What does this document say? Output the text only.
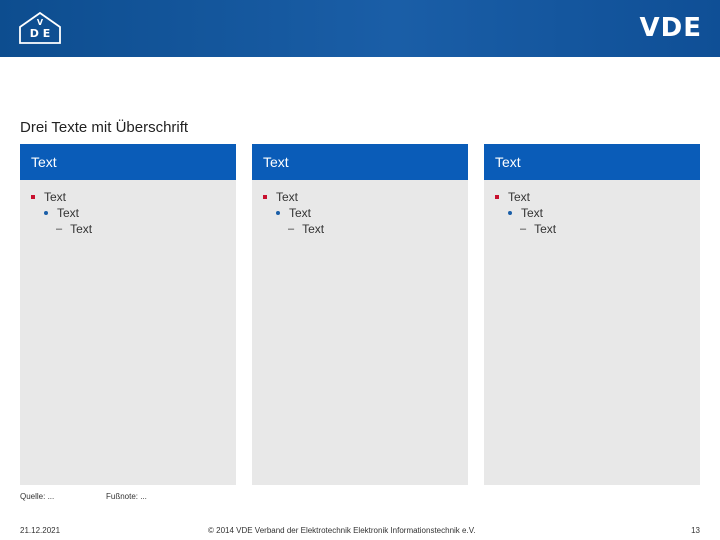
D E
V	VDE
Drei Texte mit Überschrift
Text
Text
Text
– Text
Text
Text
Text
– Text
Text
Text
Text
– Text
Quelle: ...	Fußnote: ...
21.12.2021	© 2014 VDE Verband der Elektrotechnik Elektronik Informationstechnik e.V.	13
